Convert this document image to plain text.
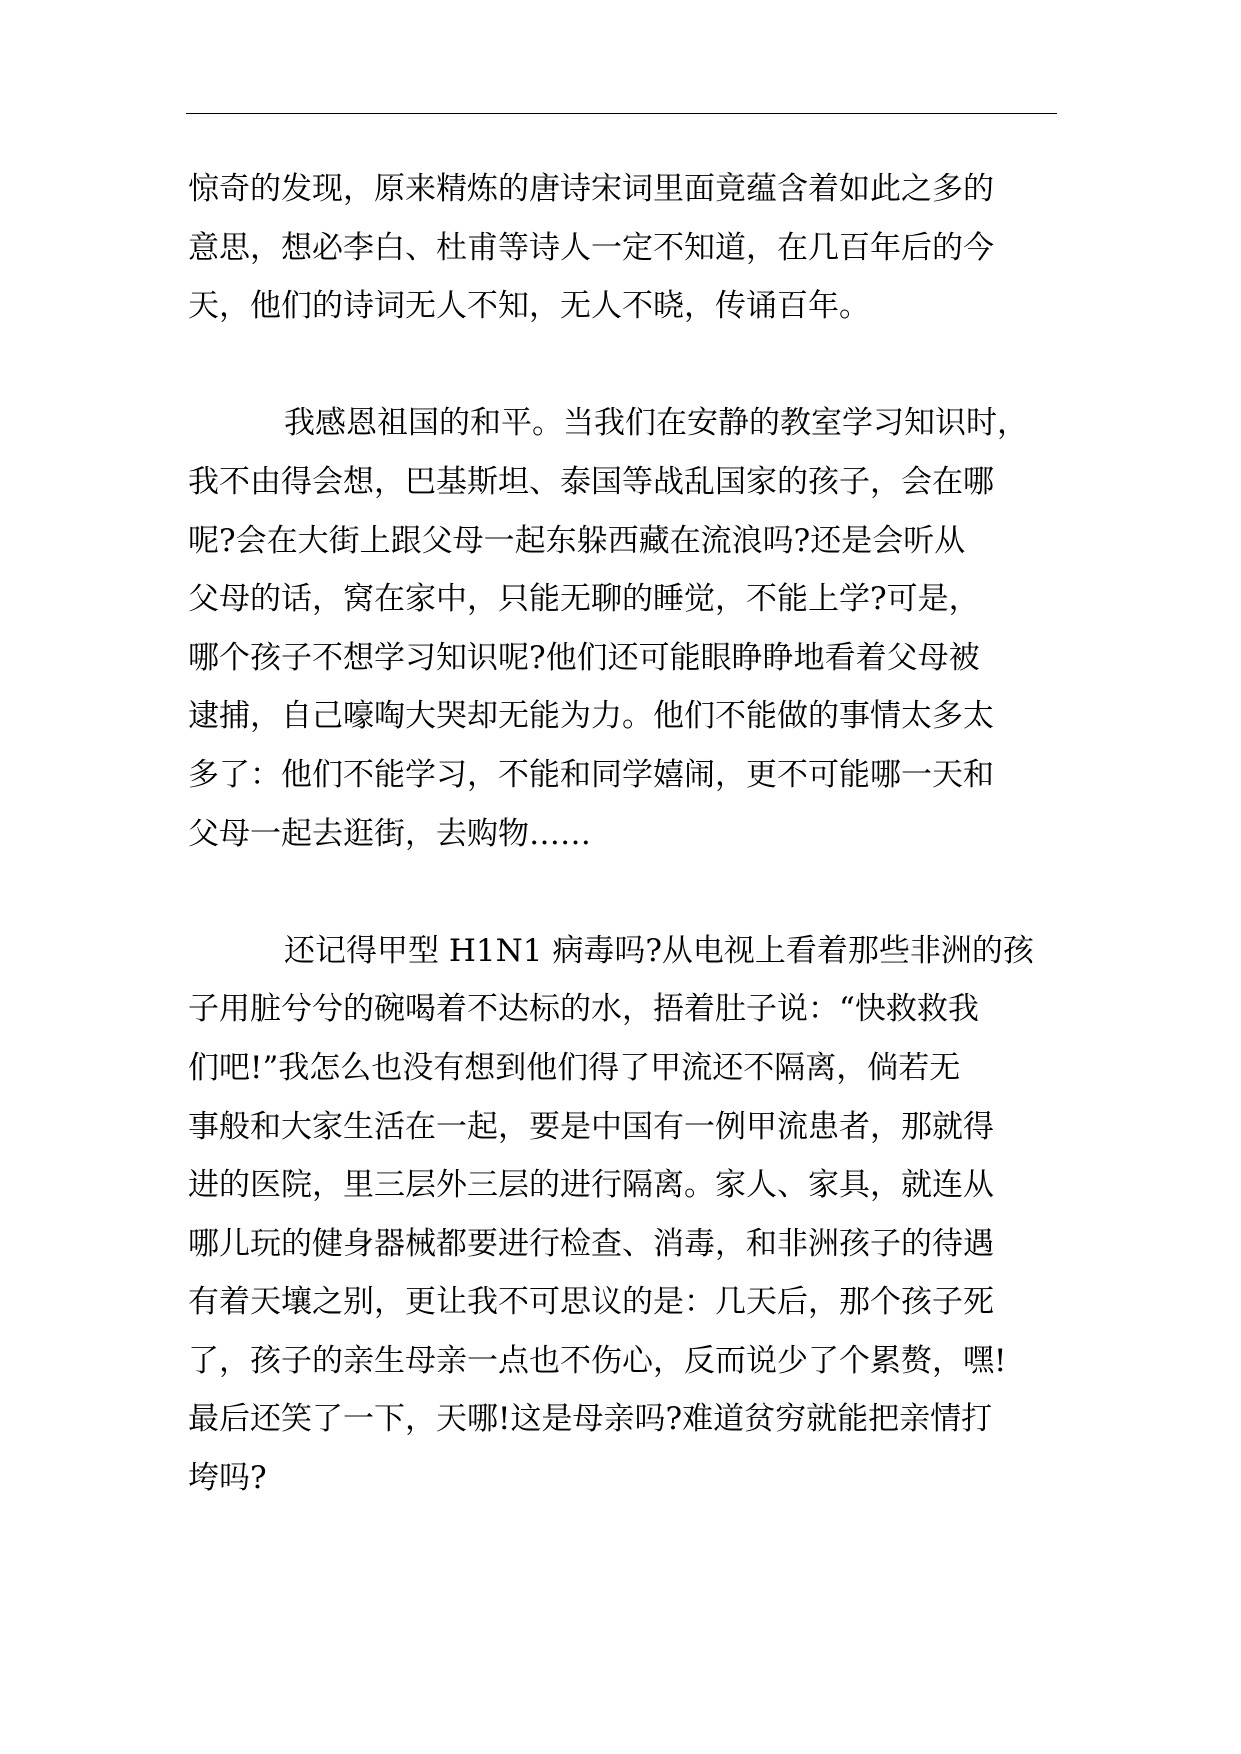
惊奇的发现，原来精炼的唐诗宋词里面竟蕴含着如此之多的
意思，想必李白、杜甫等诗人一定不知道，在几百年后的今
天，他们的诗词无人不知，无人不晓，传诵百年。
我感恩祖国的和平。当我们在安静的教室学习知识时，
我不由得会想，巴基斯坦、泰国等战乱国家的孩子，会在哪
呢?会在大街上跟父母一起东躲西藏在流浪吗?还是会听从
父母的话，窝在家中，只能无聊的睡觉，不能上学?可是，
哪个孩子不想学习知识呢?他们还可能眼睁睁地看着父母被
逮捕，自己嚎啕大哭却无能为力。他们不能做的事情太多太
多了：他们不能学习，不能和同学嬉闹，更不可能哪一天和
父母一起去逛街，去购物……
还记得甲型 H1N1 病毒吗?从电视上看着那些非洲的孩
子用脏兮兮的碗喝着不达标的水，捂着肚子说：“快救救我
们吧!”我怎么也没有想到他们得了甲流还不隔离，倘若无
事般和大家生活在一起，要是中国有一例甲流患者，那就得
进的医院，里三层外三层的进行隔离。家人、家具，就连从
哪儿玩的健身器械都要进行检查、消毒，和非洲孩子的待遇
有着天壤之别，更让我不可思议的是：几天后，那个孩子死
了，孩子的亲生母亲一点也不伤心，反而说少了个累赘，嘿!
最后还笑了一下，天哪!这是母亲吗?难道贫穷就能把亲情打
垮吗?
